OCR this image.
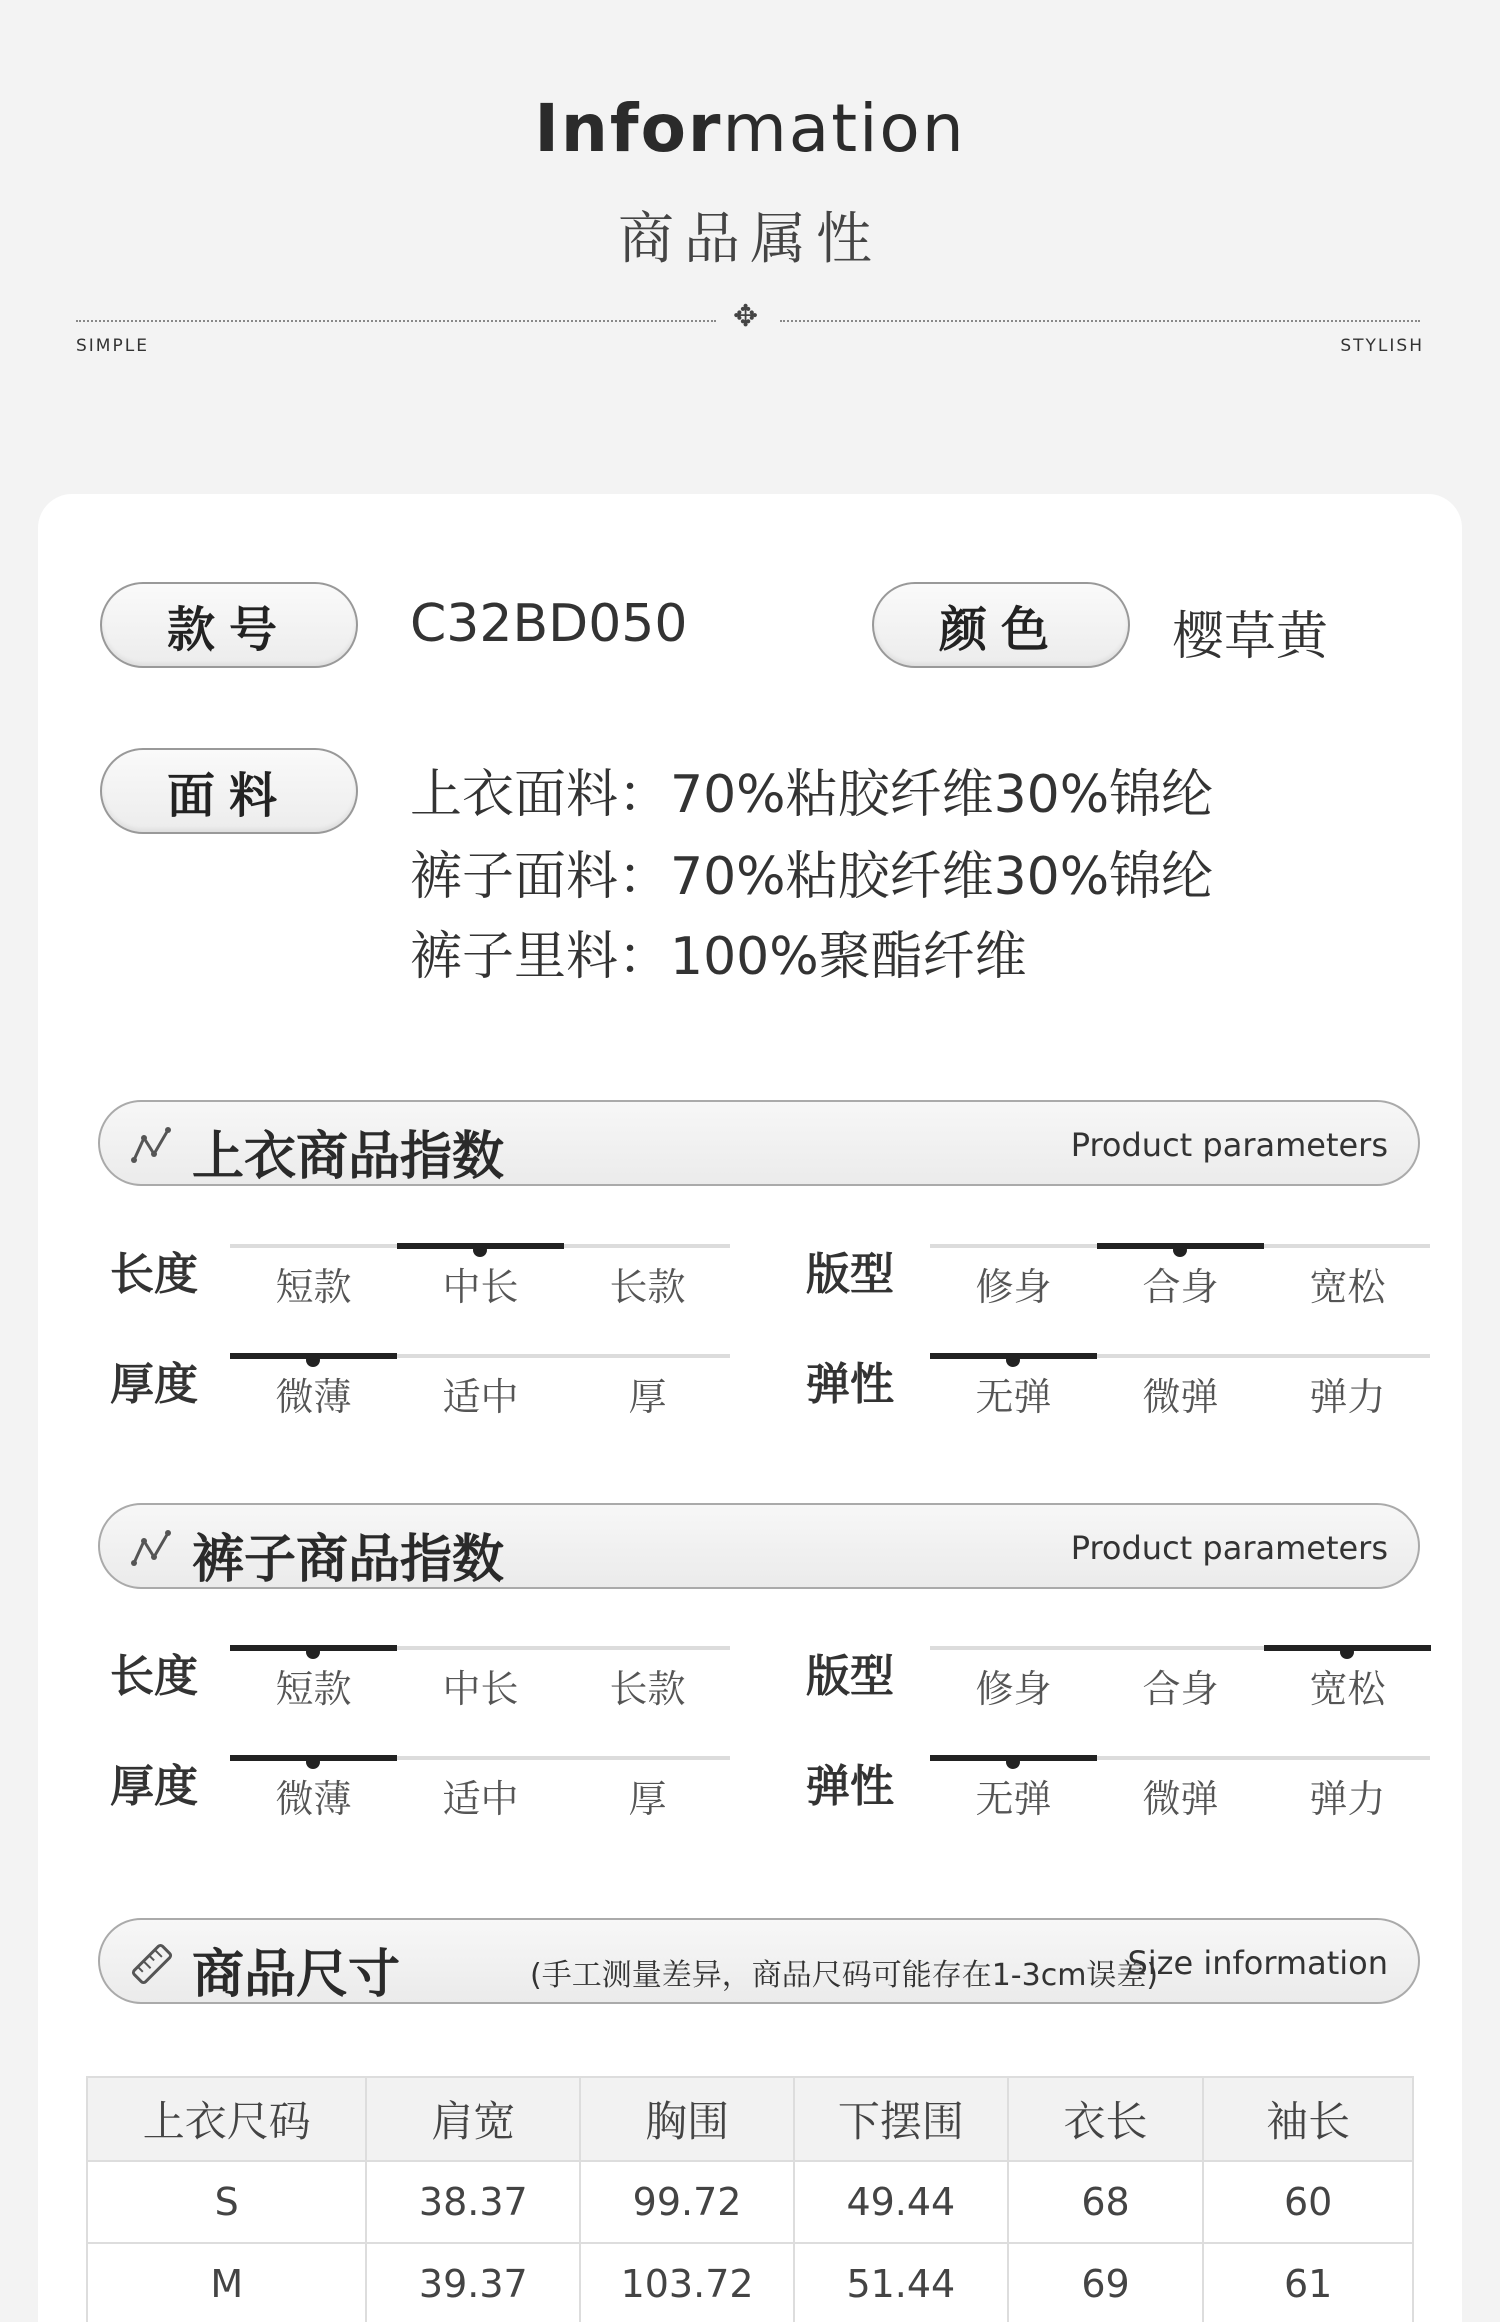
Information
商品属性
✥
SIMPLE	STYLISH
款号	C32BD050	颜色	樱草黄
面料	上衣面料：70%粘胶纤维30%锦纶
裤子面料：70%粘胶纤维30%锦纶
裤子里料：100%聚酯纤维
上衣商品指数	Product parameters
长度	短款	中长	长款	版型	修身	合身	宽松
厚度	微薄	适中	厚	弹性	无弹	微弹	弹力
裤子商品指数	Product parameters
长度	短款	中长	长款	版型	修身	合身	宽松
厚度	微薄	适中	厚	弹性	无弹	微弹	弹力
商品尺寸	(手工测量差异，商品尺码可能存在1-3cm误差)
Size information
上衣尺码	肩宽	胸围	下摆围	衣长	袖长
S	38.37	99.72	49.44	68	60
M	39.37	103.72	51.44	69	61
